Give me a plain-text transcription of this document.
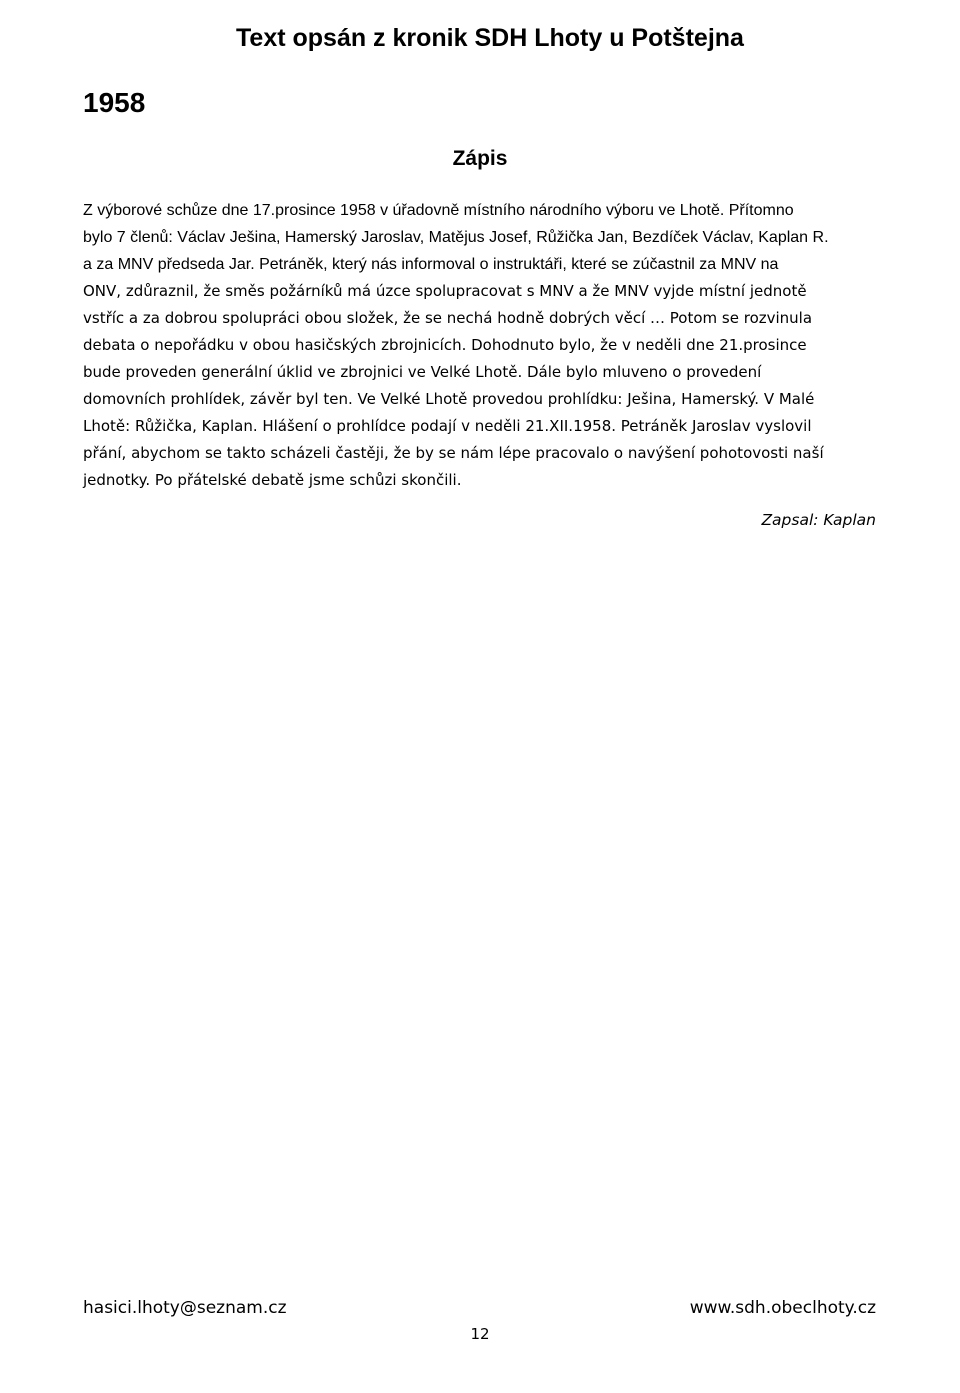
Text opsán z kronik SDH Lhoty u Potštejna
1958
Zápis
Z výborové schůze dne 17.prosince 1958 v úřadovně místního národního výboru ve Lhotě. Přítomno
bylo 7 členů: Václav Ješina, Hamerský Jaroslav, Matějus Josef, Růžička Jan, Bezdíček Václav, Kaplan R.
a za MNV předseda Jar. Petráněk, který nás informoval o instruktáři, které se zúčastnil za MNV na
ONV, zdůraznil, že směs požárníků má úzce spolupracovat s MNV a že MNV vyjde místní jednotě
vstříc a za dobrou spolupráci obou složek, že se nechá hodně dobrých věcí … Potom se rozvinula
debata o nepořádku v obou hasičských zbrojnicích. Dohodnuto bylo, že v neděli dne 21.prosince
bude proveden generální úklid ve zbrojnici ve Velké Lhotě. Dále bylo mluveno o provedení
domovních prohlídek, závěr byl ten. Ve Velké Lhotě provedou prohlídku: Ješina, Hamerský. V Malé
Lhotě: Růžička, Kaplan. Hlášení o prohlídce podají v neděli 21.XII.1958. Petráněk Jaroslav vyslovil
přání, abychom se takto scházeli častěji, že by se nám lépe pracovalo o navýšení pohotovosti naší
jednotky. Po přátelské debatě jsme schůzi skončili.
Zapsal: Kaplan
hasici.lhoty@seznam.cz	www.sdh.obeclhoty.cz
12
